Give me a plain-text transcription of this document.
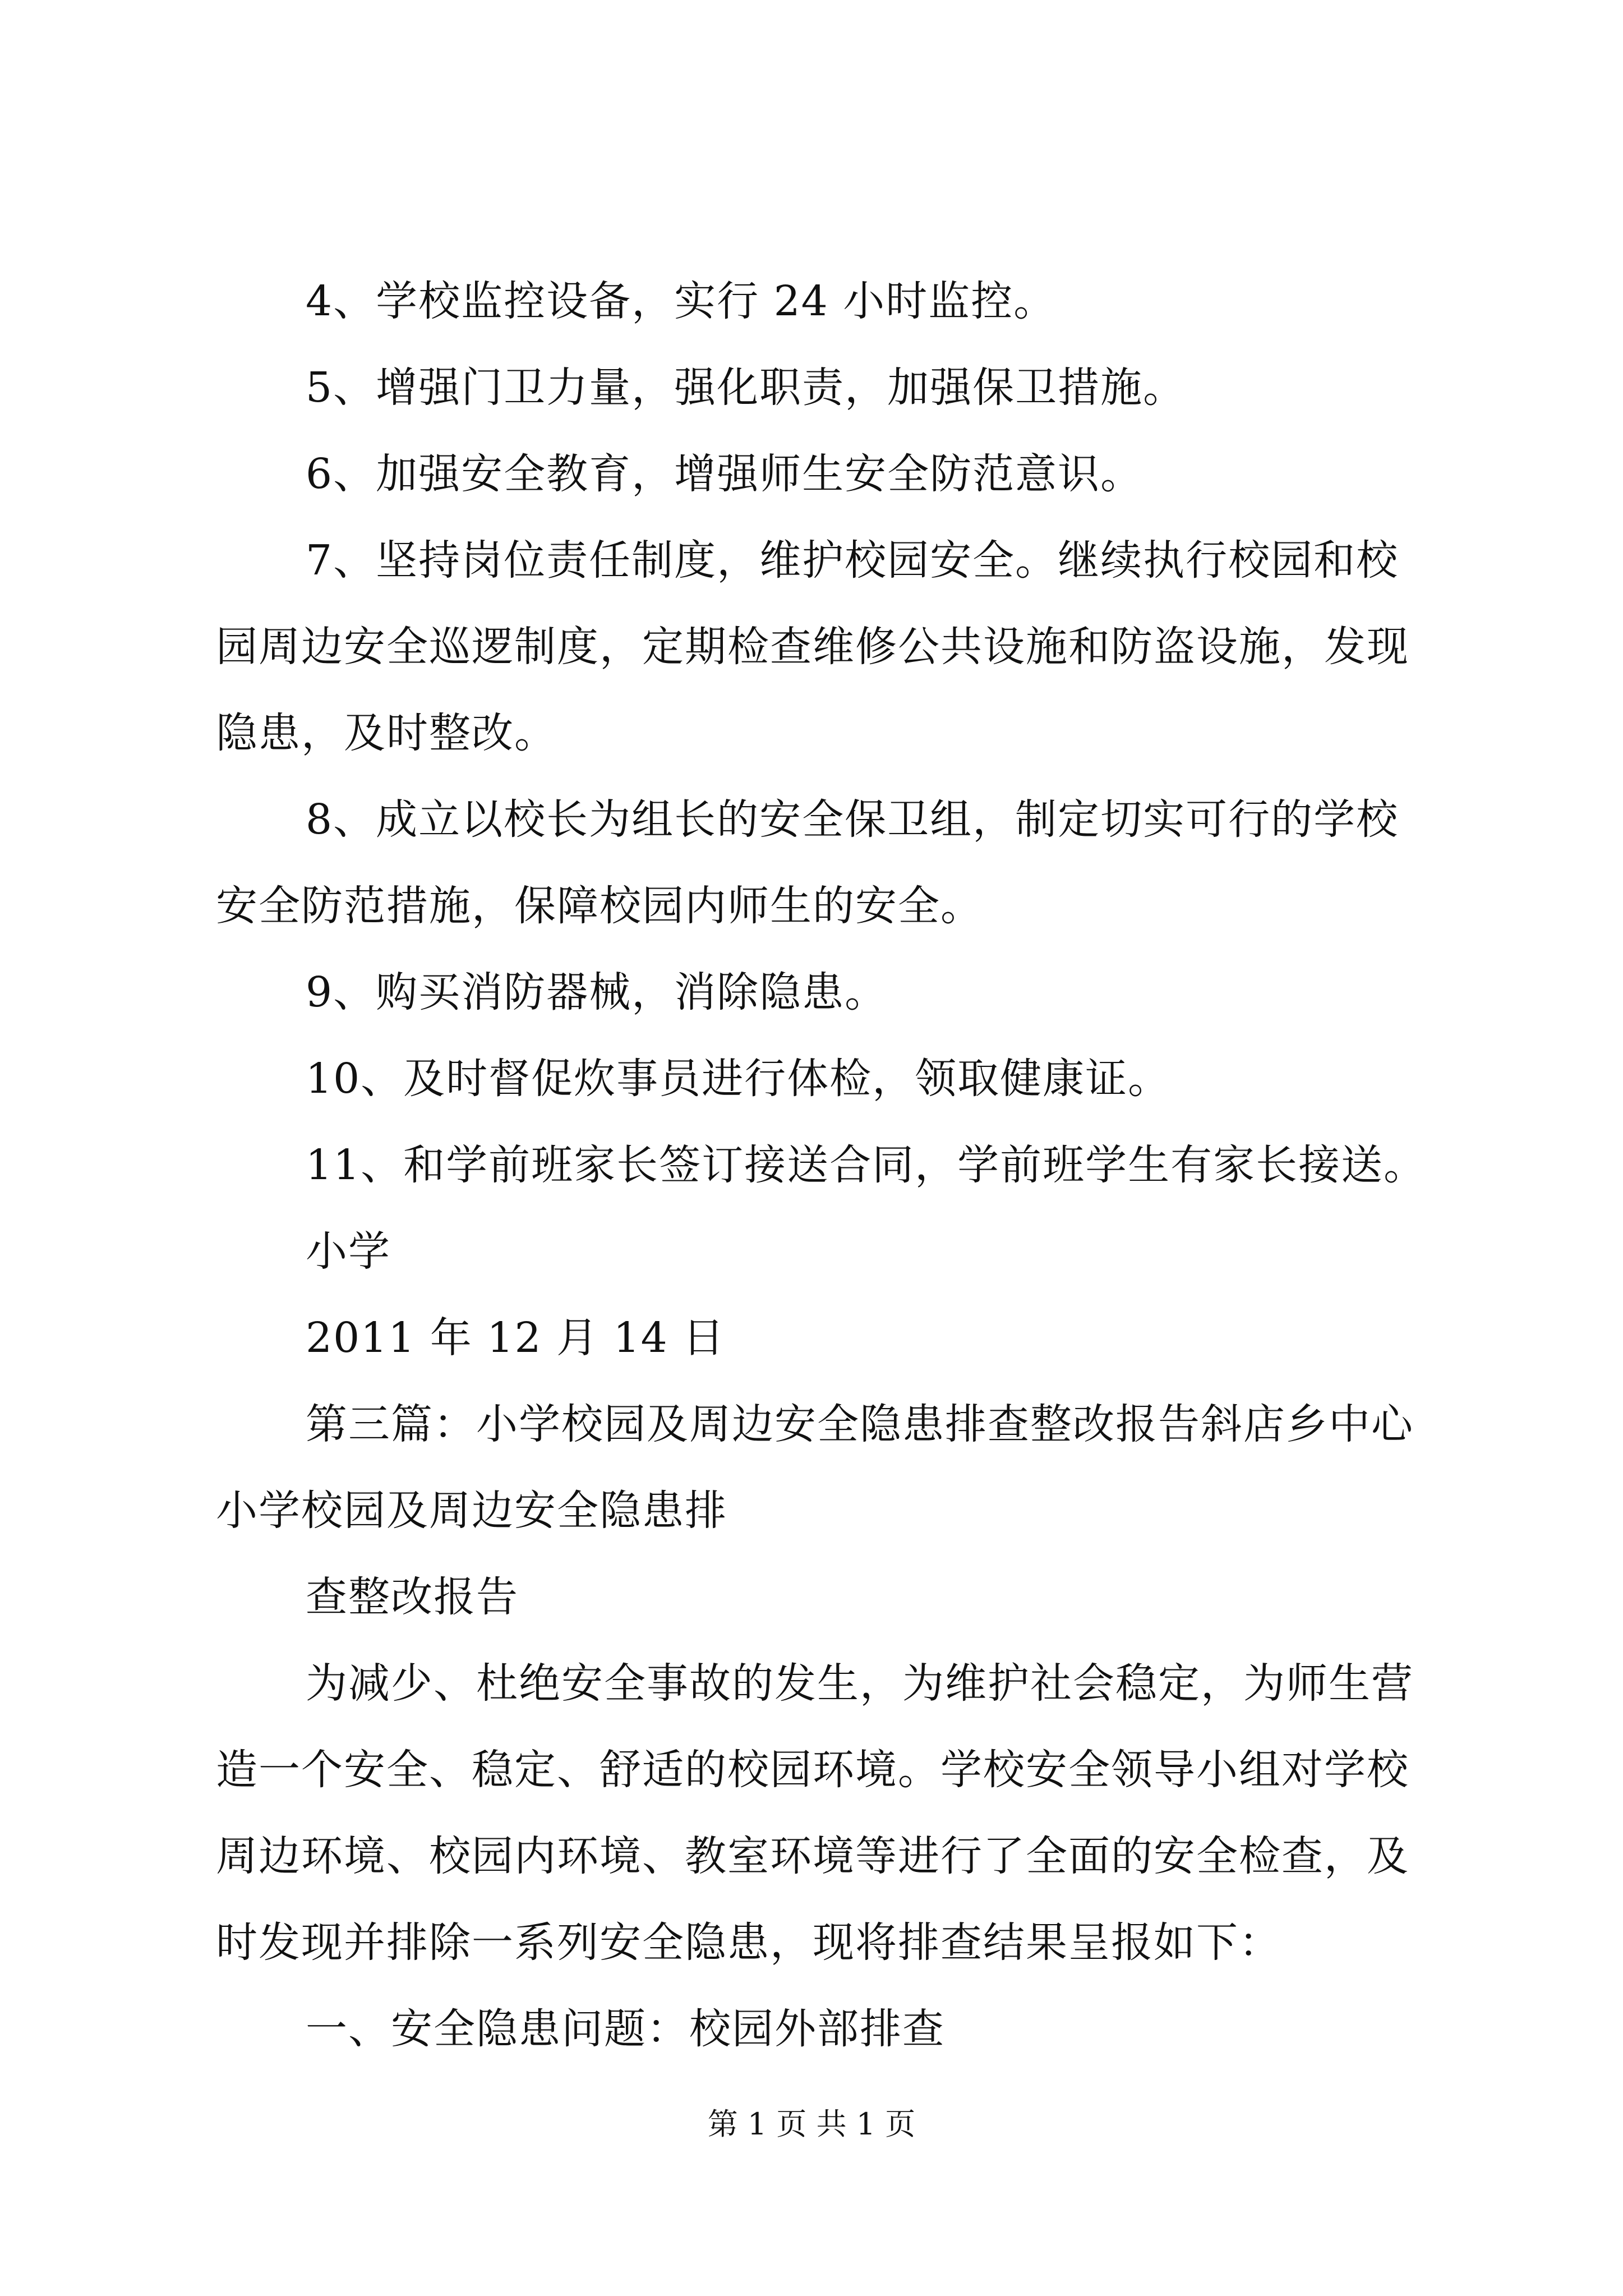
4、学校监控设备，实行 24 小时监控。
5、增强门卫力量，强化职责，加强保卫措施。
6、加强安全教育，增强师生安全防范意识。
7、坚持岗位责任制度，维护校园安全。继续执行校园和校
园周边安全巡逻制度，定期检查维修公共设施和防盗设施，发现
隐患，及时整改。
8、成立以校长为组长的安全保卫组，制定切实可行的学校
安全防范措施，保障校园内师生的安全。
9、购买消防器械，消除隐患。
10、及时督促炊事员进行体检，领取健康证。
11、和学前班家长签订接送合同，学前班学生有家长接送。
小学
2011 年 12 月 14 日
第三篇：小学校园及周边安全隐患排查整改报告斜店乡中心
小学校园及周边安全隐患排
查整改报告
为减少、杜绝安全事故的发生，为维护社会稳定，为师生营
造一个安全、稳定、舒适的校园环境。学校安全领导小组对学校
周边环境、校园内环境、教室环境等进行了全面的安全检查，及
时发现并排除一系列安全隐患，现将排查结果呈报如下：
一、安全隐患问题：校园外部排查
第 1 页 共 1 页
